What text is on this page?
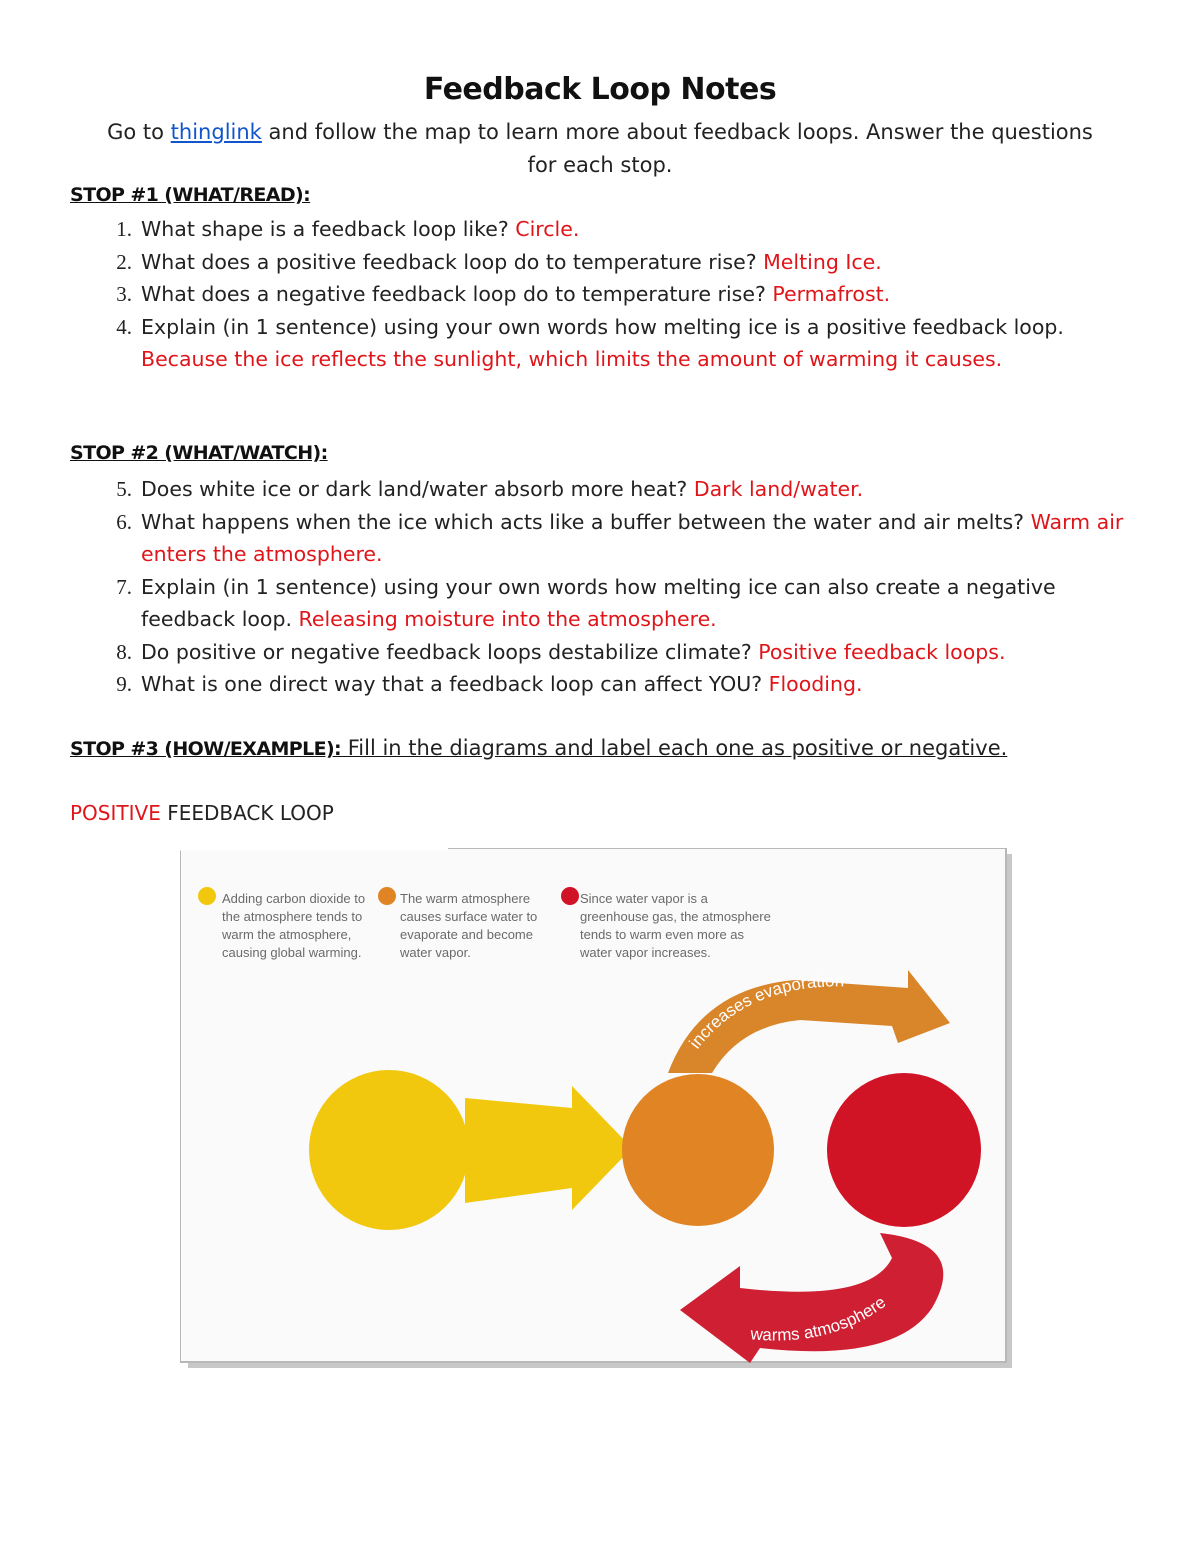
Feedback Loop Notes
Go to thinglink and follow the map to learn more about feedback loops. Answer the questions for each stop.
STOP #1 (WHAT/READ):
1. What shape is a feedback loop like? Circle.
2. What does a positive feedback loop do to temperature rise? Melting Ice.
3. What does a negative feedback loop do to temperature rise? Permafrost.
4. Explain (in 1 sentence) using your own words how melting ice is a positive feedback loop. Because the ice reflects the sunlight, which limits the amount of warming it causes.
STOP #2 (WHAT/WATCH):
5. Does white ice or dark land/water absorb more heat? Dark land/water.
6. What happens when the ice which acts like a buffer between the water and air melts? Warm air enters the atmosphere.
7. Explain (in 1 sentence) using your own words how melting ice can also create a negative feedback loop. Releasing moisture into the atmosphere.
8. Do positive or negative feedback loops destabilize climate? Positive feedback loops.
9. What is one direct way that a feedback loop can affect YOU? Flooding.
STOP #3 (HOW/EXAMPLE): Fill in the diagrams and label each one as positive or negative.
POSITIVE FEEDBACK LOOP
Adding carbon dioxide to
the atmosphere tends to
warm the atmosphere,
causing global warming.
The warm atmosphere
causes surface water to
evaporate and become
water vapor.
Since water vapor is a
greenhouse gas, the atmosphere
tends to warm even more as
water vapor increases.
increases evaporation
warms atmosphere
